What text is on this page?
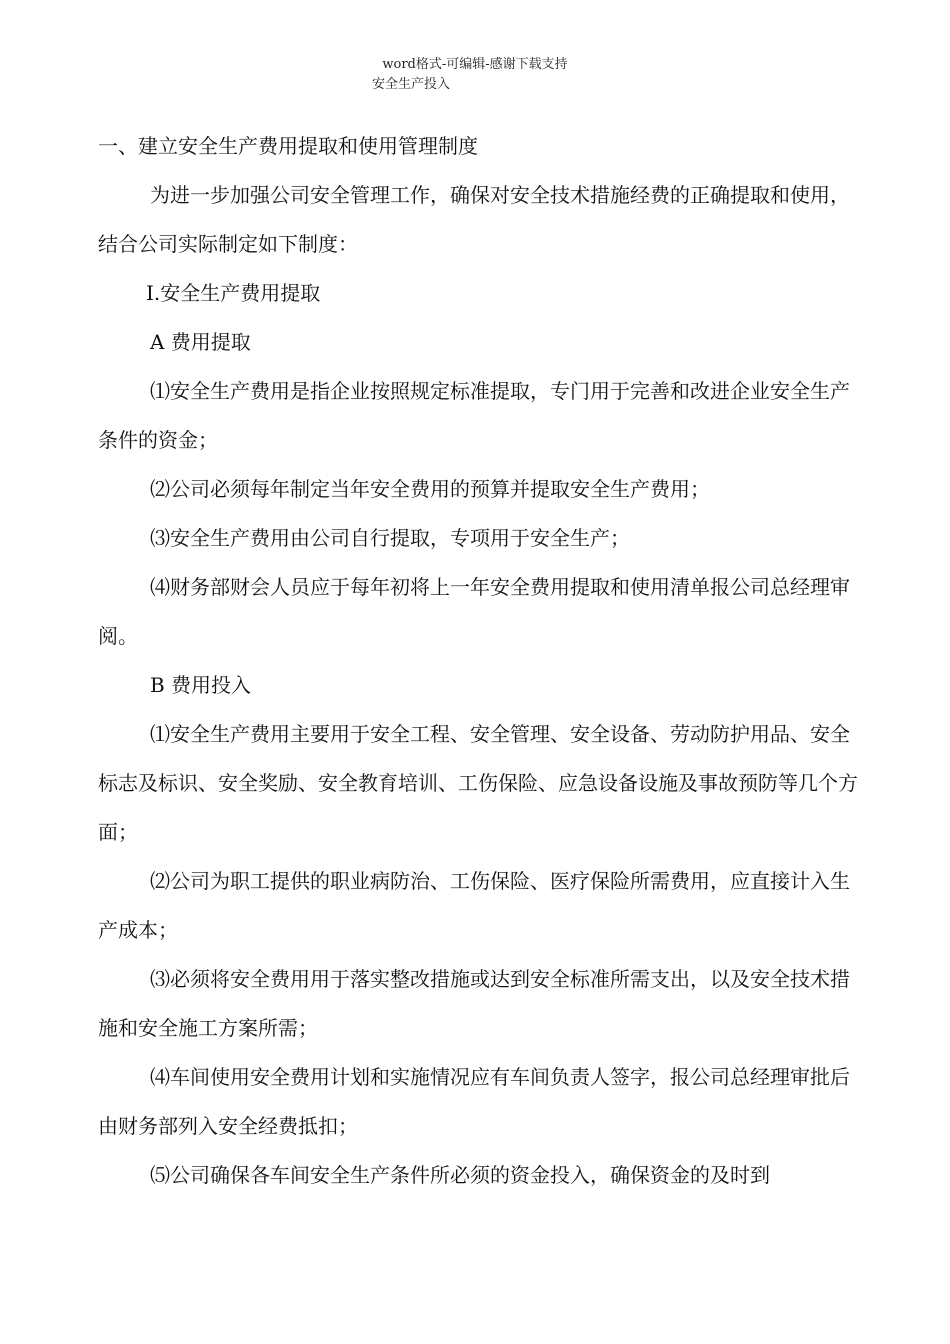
word格式-可编辑-感谢下载支持
安全生产投入

一、建立安全生产费用提取和使用管理制度

为进一步加强公司安全管理工作，确保对安全技术措施经费的正确提取和使用，结合公司实际制定如下制度：

Ⅰ.安全生产费用提取

A 费用提取

⑴安全生产费用是指企业按照规定标准提取，专门用于完善和改进企业安全生产条件的资金；

⑵公司必须每年制定当年安全费用的预算并提取安全生产费用；

⑶安全生产费用由公司自行提取，专项用于安全生产；

⑷财务部财会人员应于每年初将上一年安全费用提取和使用清单报公司总经理审阅。

B 费用投入

⑴安全生产费用主要用于安全工程、安全管理、安全设备、劳动防护用品、安全标志及标识、安全奖励、安全教育培训、工伤保险、应急设备设施及事故预防等几个方面；

⑵公司为职工提供的职业病防治、工伤保险、医疗保险所需费用，应直接计入生产成本；

⑶必须将安全费用用于落实整改措施或达到安全标准所需支出，以及安全技术措施和安全施工方案所需；

⑷车间使用安全费用计划和实施情况应有车间负责人签字，报公司总经理审批后由财务部列入安全经费抵扣；

⑸公司确保各车间安全生产条件所必须的资金投入，确保资金的及时到
